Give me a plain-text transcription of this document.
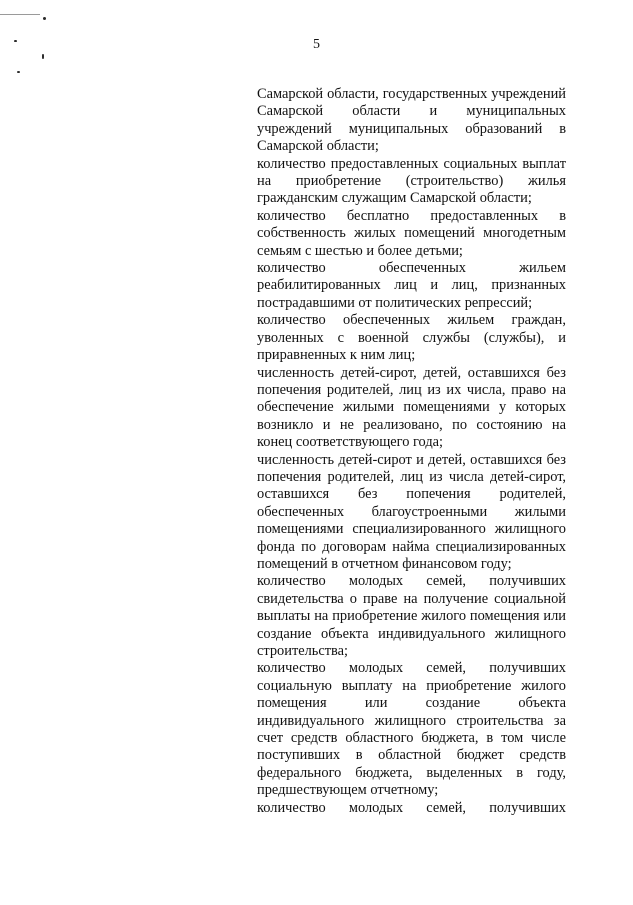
5

Самарской области, государственных учреждений Самарской области и муниципальных учреждений муниципальных образований в Самарской области;

количество предоставленных социальных выплат на приобретение (строительство) жилья гражданским служащим Самарской области;

количество бесплатно предоставленных в собственность жилых помещений многодетным семьям с шестью и более детьми;

количество обеспеченных жильем реабилитированных лиц и лиц, признанных пострадавшими от политических репрессий;

количество обеспеченных жильем граждан, уволенных с военной службы (службы), и приравненных к ним лиц;

численность детей-сирот, детей, оставшихся без попечения родителей, лиц из их числа, право на обеспечение жилыми помещениями у которых возникло и не реализовано, по состоянию на конец соответствующего года;

численность детей-сирот и детей, оставшихся без попечения родителей, лиц из числа детей-сирот, оставшихся без попечения родителей, обеспеченных благоустроенными жилыми помещениями специализированного жилищного фонда по договорам найма специализированных помещений в отчетном финансовом году;

количество молодых семей, получивших свидетельства о праве на получение социальной выплаты на приобретение жилого помещения или создание объекта индивидуального жилищного строительства;

количество молодых семей, получивших социальную выплату на приобретение жилого помещения или создание объекта индивидуального жилищного строительства за счет средств областного бюджета, в том числе поступивших в областной бюджет средств федерального бюджета, выделенных в году, предшествующем отчетному;

количество молодых семей, получивших
